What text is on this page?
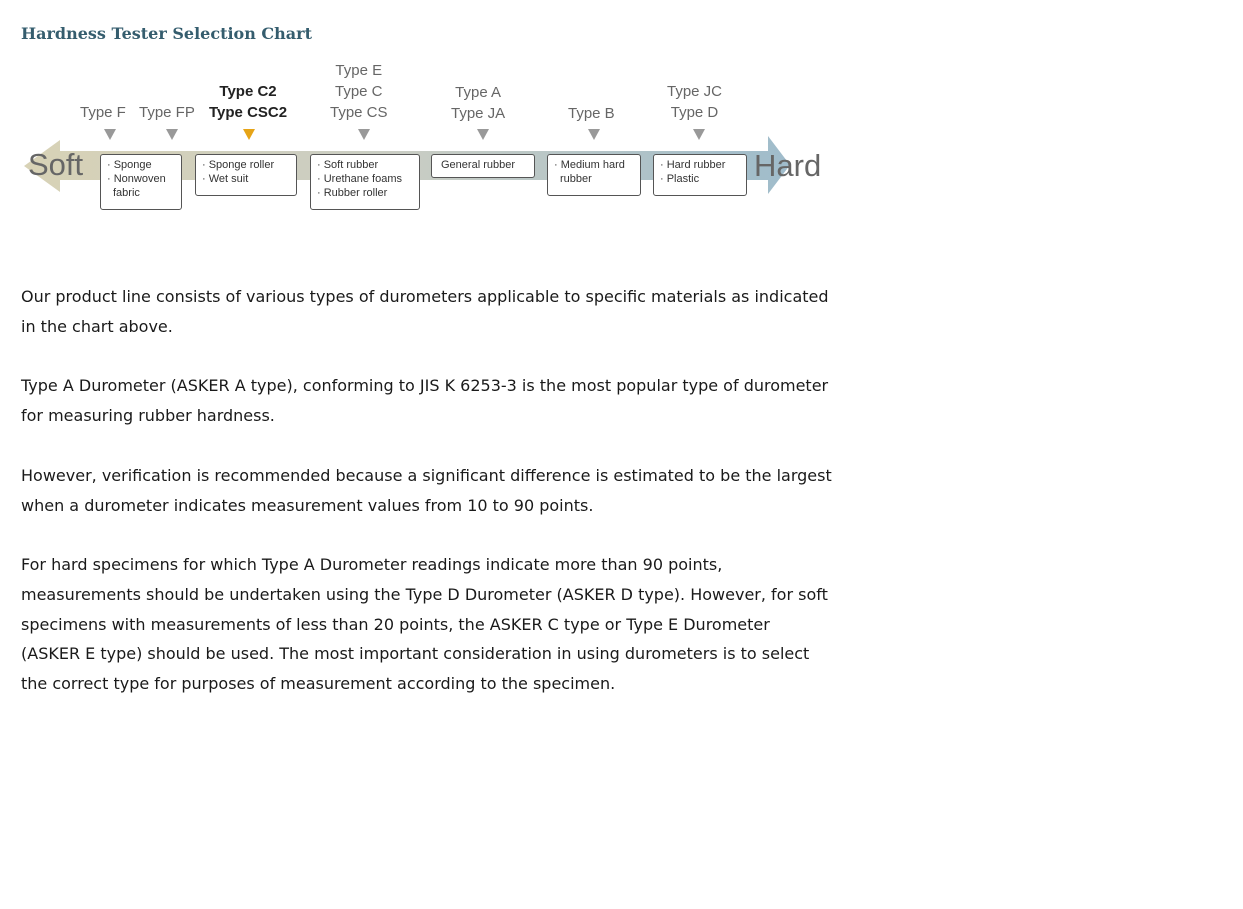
Hardness Tester Selection Chart
Soft	Hard
Type F Type FP
Type C2
Type CSC2
Type E
Type C
Type CS
Type A
Type JA	Type B
Type JC
Type D
· Sponge
· Nonwoven
fabric
· Sponge roller
· Wet suit
· Soft rubber
· Urethane foams
· Rubber roller
General rubber	· Medium hard
rubber
· Hard rubber
· Plastic

Our product line consists of various types of durometers applicable to specific materials as indicated in the chart above.

Type A Durometer (ASKER A type), conforming to JIS K 6253-3 is the most popular type of durometer for measuring rubber hardness.

However, verification is recommended because a significant difference is estimated to be the largest when a durometer indicates measurement values from 10 to 90 points.

For hard specimens for which Type A Durometer readings indicate more than 90 points, measurements should be undertaken using the Type D Durometer (ASKER D type). However, for soft specimens with measurements of less than 20 points, the ASKER C type or Type E Durometer (ASKER E type) should be used. The most important consideration in using durometers is to select the correct type for purposes of measurement according to the specimen.
